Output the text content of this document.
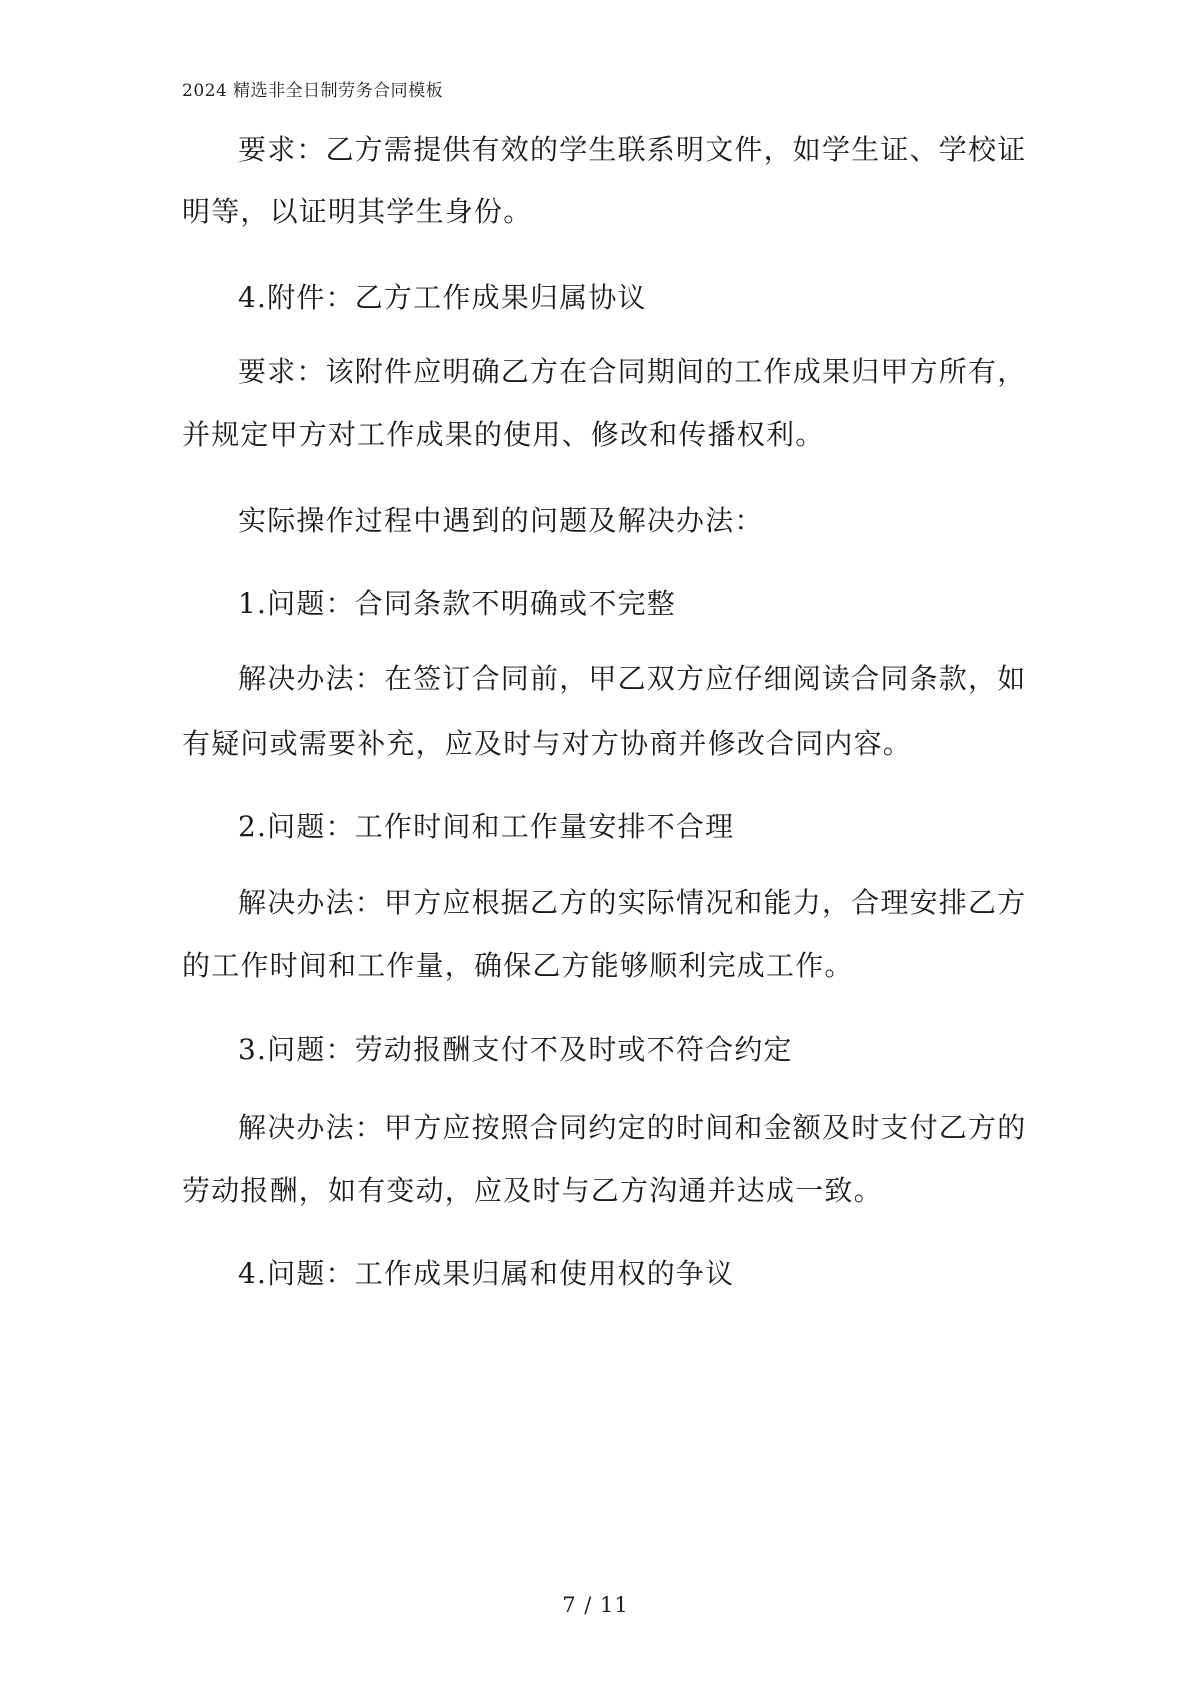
2024 精选非全日制劳务合同模板
要求：乙方需提供有效的学生联系明文件，如学生证、学校证
明等，以证明其学生身份。
4.附件：乙方工作成果归属协议
要求：该附件应明确乙方在合同期间的工作成果归甲方所有，
并规定甲方对工作成果的使用、修改和传播权利。
实际操作过程中遇到的问题及解决办法：
1.问题：合同条款不明确或不完整
解决办法：在签订合同前，甲乙双方应仔细阅读合同条款，如
有疑问或需要补充，应及时与对方协商并修改合同内容。
2.问题：工作时间和工作量安排不合理
解决办法：甲方应根据乙方的实际情况和能力，合理安排乙方
的工作时间和工作量，确保乙方能够顺利完成工作。
3.问题：劳动报酬支付不及时或不符合约定
解决办法：甲方应按照合同约定的时间和金额及时支付乙方的
劳动报酬，如有变动，应及时与乙方沟通并达成一致。
4.问题：工作成果归属和使用权的争议
7 / 11
